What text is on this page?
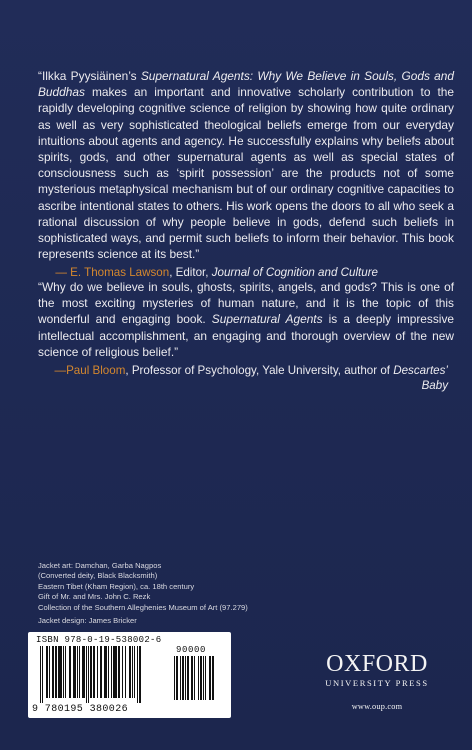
“Ilkka Pyysiäinen’s Supernatural Agents: Why We Believe in Souls, Gods and Buddhas makes an important and innovative scholarly contribution to the rapidly developing cognitive science of religion by showing how quite ordinary as well as very sophisticated theological beliefs emerge from our everyday intuitions about agents and agency. He successfully explains why beliefs about spirits, gods, and other supernatural agents as well as special states of consciousness such as ‘spirit possession’ are the products not of some mysterious metaphysical mechanism but of our ordinary cognitive capacities to ascribe intentional states to others. His work opens the doors to all who seek a rational discussion of why people believe in gods, defend such beliefs in sophisticated ways, and permit such beliefs to inform their behavior. This book represents science at its best.”

— E. Thomas Lawson, Editor, Journal of Cognition and Culture

“Why do we believe in souls, ghosts, spirits, angels, and gods? This is one of the most exciting mysteries of human nature, and it is the topic of this wonderful and engaging book. Supernatural Agents is a deeply impressive intellectual accomplishment, an engaging and thorough overview of the new science of religious belief.”

—Paul Bloom, Professor of Psychology, Yale University, author of Descartes’ Baby
Jacket art: Damchan, Garba Nagpos
(Converted deity, Black Blacksmith)
Eastern Tibet (Kham Region), ca. 18th century
Gift of Mr. and Mrs. John C. Rezk
Collection of the Southern Alleghenies Museum of Art (97.279)
Jacket design: James Bricker
ISBN 978-0-19-538002-6
90000
9 780195 380026
OXFORD
UNIVERSITY PRESS
www.oup.com
